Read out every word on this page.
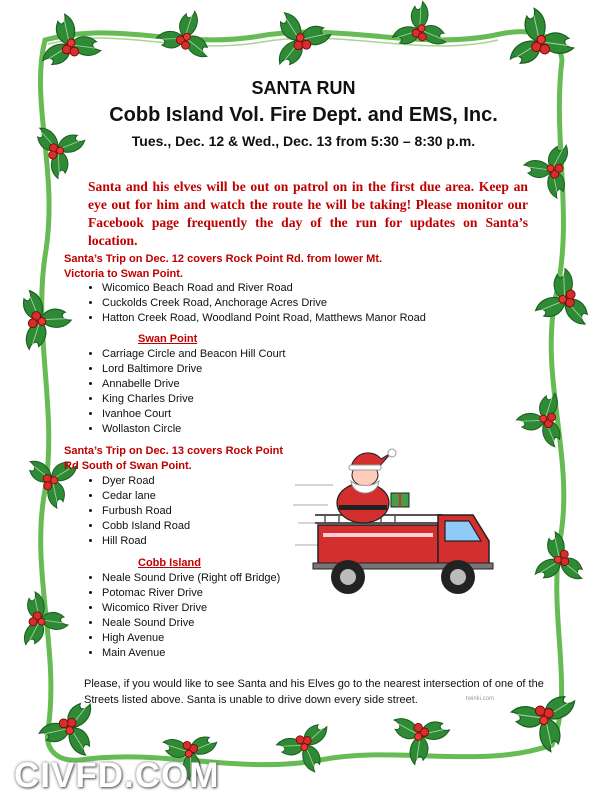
SANTA RUN
Cobb Island Vol. Fire Dept. and EMS, Inc.
Tues., Dec. 12 & Wed., Dec. 13 from 5:30 – 8:30 p.m.
Santa and his elves will be out on patrol on in the first due area. Keep an eye out for him and watch the route he will be taking! Please monitor our Facebook page frequently the day of the run for updates on Santa’s location.
Santa’s Trip on Dec. 12 covers Rock Point Rd. from lower Mt. Victoria to Swan Point.
• Wicomico Beach Road and River Road
• Cuckolds Creek Road, Anchorage Acres Drive
• Hatton Creek Road, Woodland Point Road, Matthews Manor Road
Swan Point
• Carriage Circle and Beacon Hill Court
• Lord Baltimore Drive
• Annabelle Drive
• King Charles Drive
• Ivanhoe Court
• Wollaston Circle
Santa’s Trip on Dec. 13 covers Rock Point Rd South of Swan Point.
• Dyer Road
• Cedar lane
• Furbush Road
• Cobb Island Road
• Hill Road
Cobb Island
• Neale Sound Drive (Right off Bridge)
• Potomac River Drive
• Wicomico River Drive
• Neale Sound Drive
• High Avenue
• Main Avenue
Please, if you would like to see Santa and his Elves go to the nearest intersection of one of the Streets listed above. Santa is unable to drive down every side street.	twinki.com
CIVFD.COM
